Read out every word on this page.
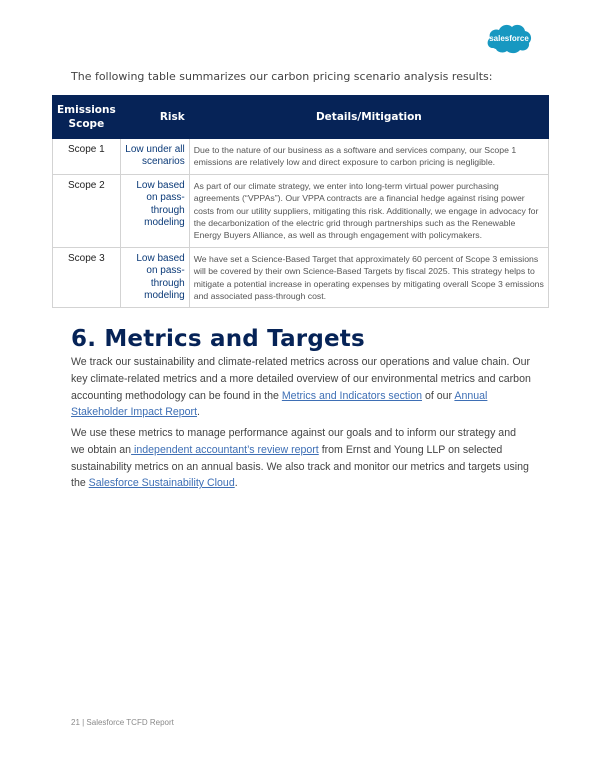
salesforce
The following table summarizes our carbon pricing scenario analysis results:
Emissions Scope	Risk	Details/Mitigation
Scope 1	Low under all scenarios	Due to the nature of our business as a software and services company, our Scope 1 emissions are relatively low and direct exposure to carbon pricing is negligible.
Scope 2	Low based on pass-through modeling	As part of our climate strategy, we enter into long-term virtual power purchasing agreements (“VPPAs”). Our VPPA contracts are a financial hedge against rising power costs from our utility suppliers, mitigating this risk. Additionally, we engage in advocacy for the decarbonization of the electric grid through partnerships such as the Renewable Energy Buyers Alliance, as well as through engagement with policymakers.
Scope 3	Low based on pass-through modeling	We have set a Science-Based Target that approximately 60 percent of Scope 3 emissions will be covered by their own Science-Based Targets by fiscal 2025. This strategy helps to mitigate a potential increase in operating expenses by mitigating overall Scope 3 emissions and associated pass-through cost.
6. Metrics and Targets

We track our sustainability and climate-related metrics across our operations and value chain. Our key climate-related metrics and a more detailed overview of our environmental metrics and carbon accounting methodology can be found in the Metrics and Indicators section of our Annual Stakeholder Impact Report.

We use these metrics to manage performance against our goals and to inform our strategy and we obtain an independent accountant’s review report from Ernst and Young LLP on selected sustainability metrics on an annual basis. We also track and monitor our metrics and targets using the Salesforce Sustainability Cloud.

21 | Salesforce TCFD Report
